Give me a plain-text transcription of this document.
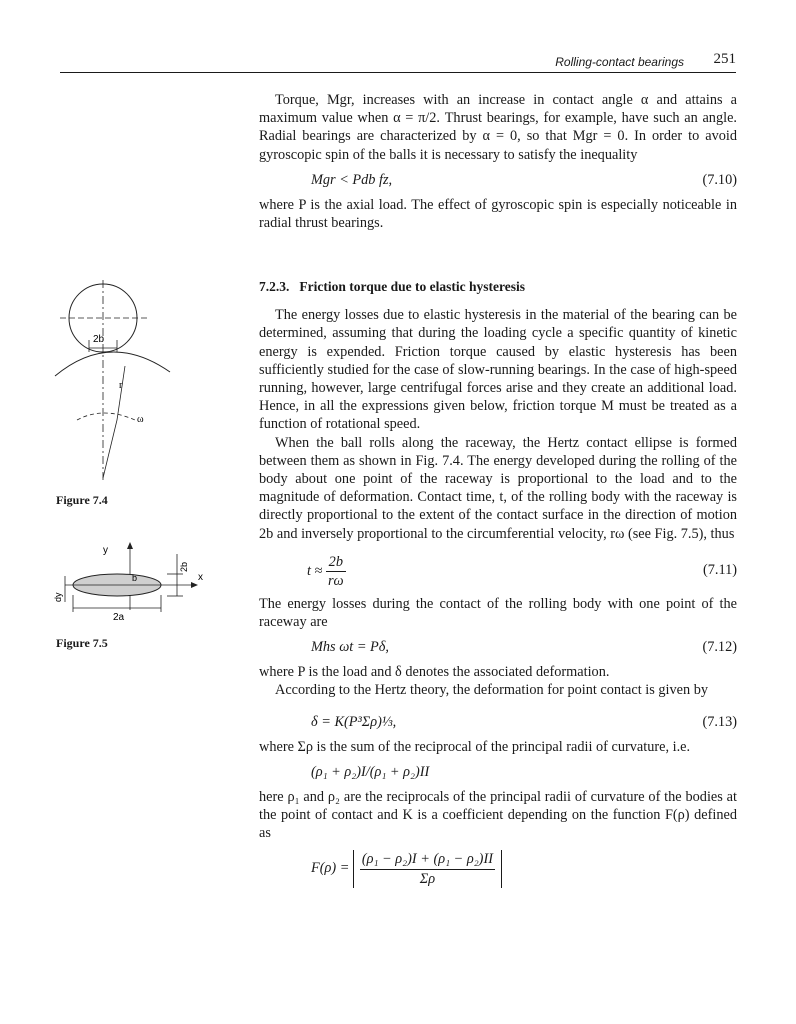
Rolling-contact bearings 251

Torque, Mgr, increases with an increase in contact angle α and attains a maximum value when α = π/2. Thrust bearings, for example, have such an angle. Radial bearings are characterized by α = 0, so that Mgr = 0. In order to avoid gyroscopic spin of the balls it is necessary to satisfy the inequality

Mgr < Pdb fz,	(7.10)

where P is the axial load. The effect of gyroscopic spin is especially noticeable in radial thrust bearings.

7.2.3. Friction torque due to elastic hysteresis

The energy losses due to elastic hysteresis in the material of the bearing can be determined, assuming that during the loading cycle a specific quantity of kinetic energy is expended. Friction torque caused by elastic hysteresis has been sufficiently studied for the case of slow-running bearings. In the case of high-speed running, however, large centrifugal forces arise and they create an additional load. Hence, in all the expressions given below, friction torque M must be treated as a function of rotational speed.

When the ball rolls along the raceway, the Hertz contact ellipse is formed between them as shown in Fig. 7.4. The energy developed during the rolling of the body about one point of the raceway is proportional to the load and to the magnitude of deformation. Contact time, t, of the rolling body with the raceway is directly proportional to the extent of the contact surface in the direction of motion 2b and inversely proportional to the circumferential velocity, rω (see Fig. 7.5), thus

$t \approx \frac{2b}{r\omega}$	(7.11)

The energy losses during the contact of the rolling body with one point of the raceway are

Mhs ωt = Pδ,	(7.12)

where P is the load and δ denotes the associated deformation.

According to the Hertz theory, the deformation for point contact is given by

δ = K(P³Σρ)⅓,	(7.13)

where Σρ is the sum of the reciprocal of the principal radii of curvature, i.e.

(ρ₁ + ρ₂)I/(ρ₁ + ρ₂)II

here ρ₁ and ρ₂ are the reciprocals of the principal radii of curvature of the bodies at the point of contact and K is a coefficient depending on the function F(ρ) defined as

$F(\rho) = \frac{\text{(ρ₁ − ρ₂)I + (ρ₁ − ρ₂)II}}{\Sigma\rho}$
2b
r
ω
Figure 7.4
y
x
2a
b
2b
dy
Figure 7.5
